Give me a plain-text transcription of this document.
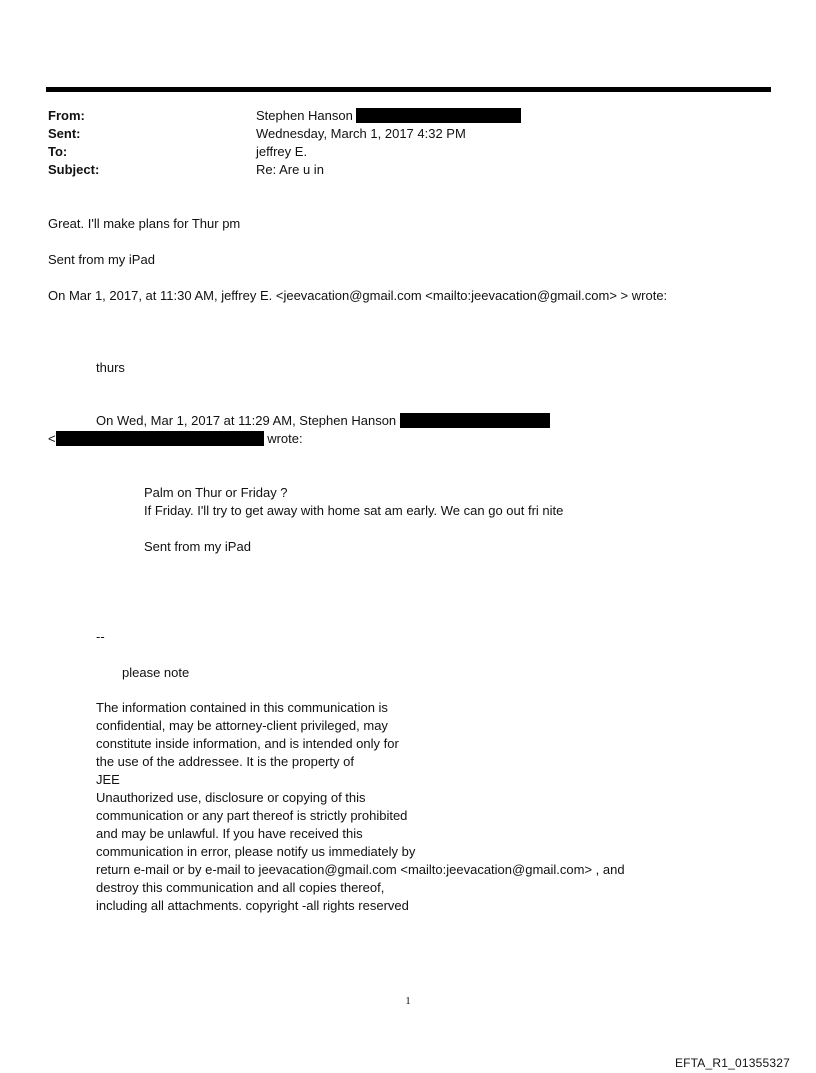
From:	Stephen Hanson
Sent:	Wednesday, March 1, 2017 4:32 PM
To:	jeffrey E.
Subject:	Re: Are u in
Great. I'll make plans for Thur pm
Sent from my iPad
On Mar 1, 2017, at 11:30 AM, jeffrey E. <jeevacation@gmail.com <mailto:jeevacation@gmail.com> > wrote:
thurs
On Wed, Mar 1, 2017 at 11:29 AM, Stephen Hanson
<	wrote:
Palm on Thur or Friday ?
If Friday. I'll try to get away with home sat am early. We can go out fri nite
Sent from my iPad
--
please note
The information contained in this communication is
confidential, may be attorney-client privileged, may
constitute inside information, and is intended only for
the use of the addressee. It is the property of
JEE
Unauthorized use, disclosure or copying of this
communication or any part thereof is strictly prohibited
and may be unlawful. If you have received this
communication in error, please notify us immediately by
return e-mail or by e-mail to jeevacation@gmail.com <mailto:jeevacation@gmail.com> , and
destroy this communication and all copies thereof,
including all attachments. copyright -all rights reserved
1
EFTA_R1_01355327
